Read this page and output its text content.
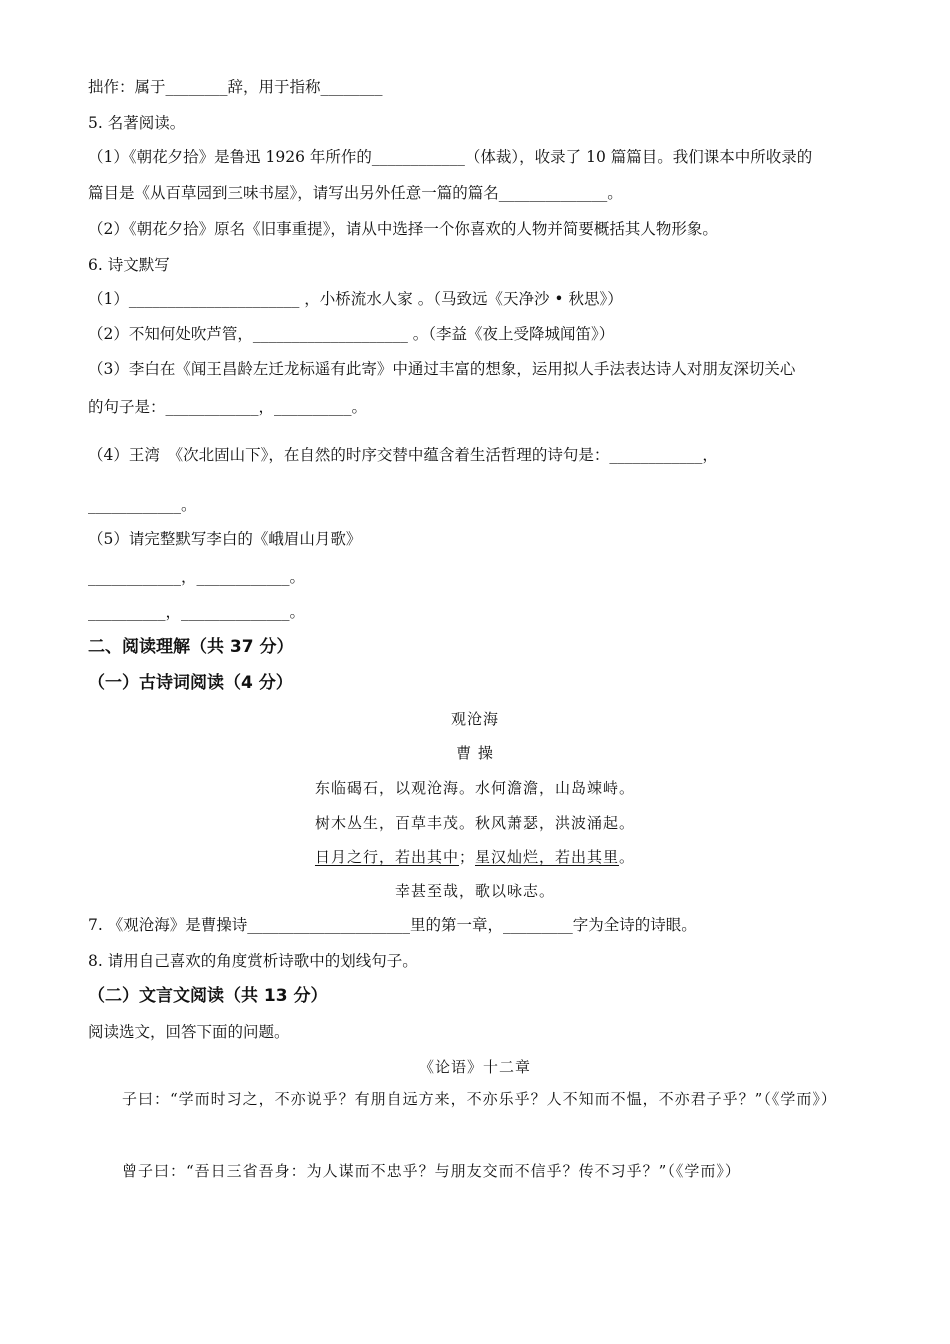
拙作：属于________辞，用于指称________
5. 名著阅读。
（1）《朝花夕拾》是鲁迅 1926 年所作的____________（体裁），收录了 10 篇篇目。我们课本中所收录的
篇目是《从百草园到三味书屋》，请写出另外任意一篇的篇名______________。
（2）《朝花夕拾》原名《旧事重提》，请从中选择一个你喜欢的人物并简要概括其人物形象。
6. 诗文默写
（1）______________________ ，小桥流水人家 。（马致远《天净沙 • 秋思》）
（2）不知何处吹芦管，____________________ 。（李益《夜上受降城闻笛》）
（3）李白在《闻王昌龄左迁龙标遥有此寄》中通过丰富的想象，运用拟人手法表达诗人对朋友深切关心
的句子是：____________，__________。
（4）王湾　《次北固山下》，在自然的时序交替中蕴含着生活哲理的诗句是：____________，
____________。
（5）请完整默写李白的《峨眉山月歌》
____________，____________。
__________，______________。
二、阅读理解（共 37 分）
（一）古诗词阅读（4 分）
观沧海
曹 操
东临碣石，以观沧海。水何澹澹，山岛竦峙。
树木丛生，百草丰茂。秋风萧瑟，洪波涌起。
日月之行，若出其中；星汉灿烂，若出其里。
幸甚至哉，歌以咏志。
7. 《观沧海》是曹操诗_____________________里的第一章，_________字为全诗的诗眼。
8. 请用自己喜欢的角度赏析诗歌中的划线句子。
（二）文言文阅读（共 13 分）
阅读选文，回答下面的问题。
《论语》十二章
子曰：“学而时习之，不亦说乎？有朋自远方来，不亦乐乎？人不知而不愠，不亦君子乎？”（《学而》）
曾子曰：“吾日三省吾身：为人谋而不忠乎？与朋友交而不信乎？传不习乎？”（《学而》）
